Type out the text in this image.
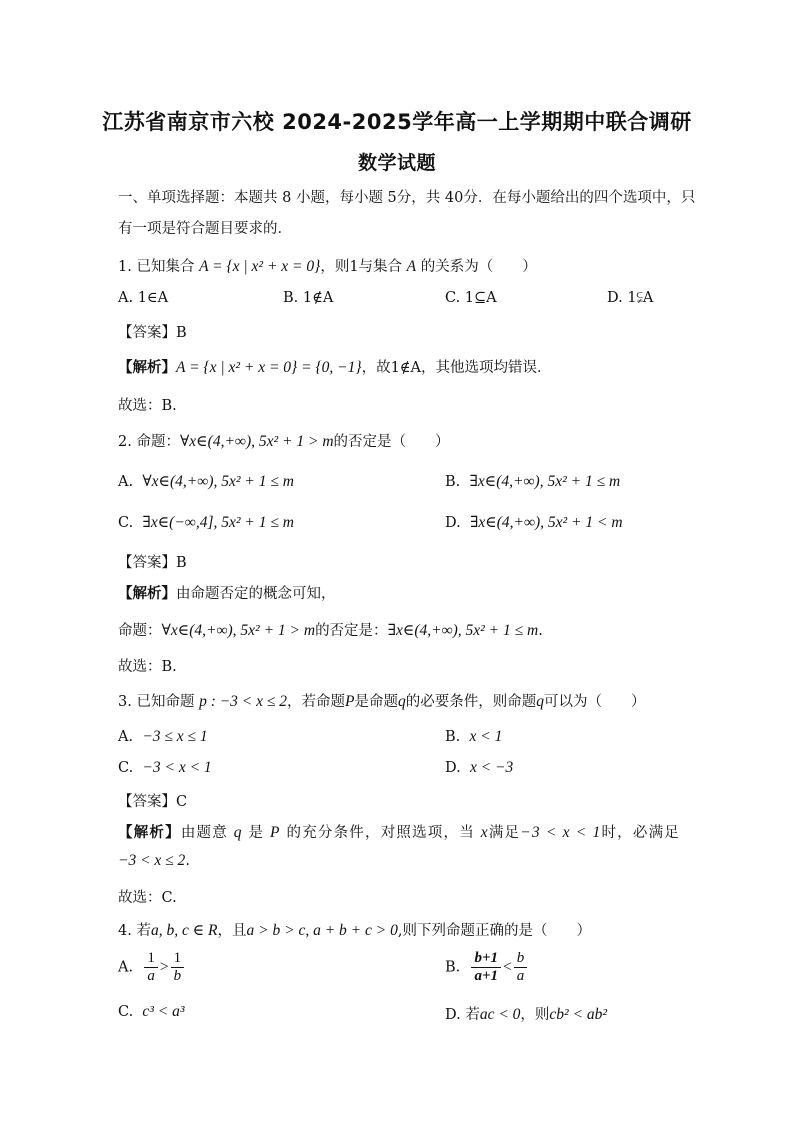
江苏省南京市六校 2024-2025学年高一上学期期中联合调研
数学试题
一、单项选择题：本题共 8 小题，每小题 5分，共 40分．在每小题给出的四个选项中，只
有一项是符合题目要求的．
1. 已知集合 A = {x | x² + x = 0}，则1与集合 A 的关系为（　　）
A. 1∈A	B. 1∉A	C. 1⊆A	D. 1⫋A
【答案】B
【解析】A = {x | x² + x = 0} = {0, −1}，故1∉A，其他选项均错误．
故选：B.
2. 命题：∀x∈(4,+∞), 5x² + 1 > m的否定是（　　）
A. ∀x∈(4,+∞), 5x² + 1 ≤ m	B. ∃x∈(4,+∞), 5x² + 1 ≤ m
C. ∃x∈(−∞,4], 5x² + 1 ≤ m	D. ∃x∈(4,+∞), 5x² + 1 < m
【答案】B
【解析】由命题否定的概念可知，
命题：∀x∈(4,+∞), 5x² + 1 > m的否定是：∃x∈(4,+∞), 5x² + 1 ≤ m.
故选：B.
3. 已知命题 p : −3 < x ≤ 2，若命题P是命题q的必要条件，则命题q可以为（　　）
A. −3 ≤ x ≤ 1	B. x < 1
C. −3 < x < 1	D. x < −3
【答案】C
【解析】由题意 q 是 P 的充分条件，对照选项，当 x满足−3 < x < 1时，必满足
−3 < x ≤ 2.
故选：C.
4. 若a, b, c ∈ R，且a > b > c, a + b + c > 0,则下列命题正确的是（　　）
A. $\frac{1}{a} > \frac{1}{b}$	B. $\frac{b+1}{a+1} < \frac{b}{a}$
C. c³ < a³	D. 若ac < 0，则cb² < ab²
